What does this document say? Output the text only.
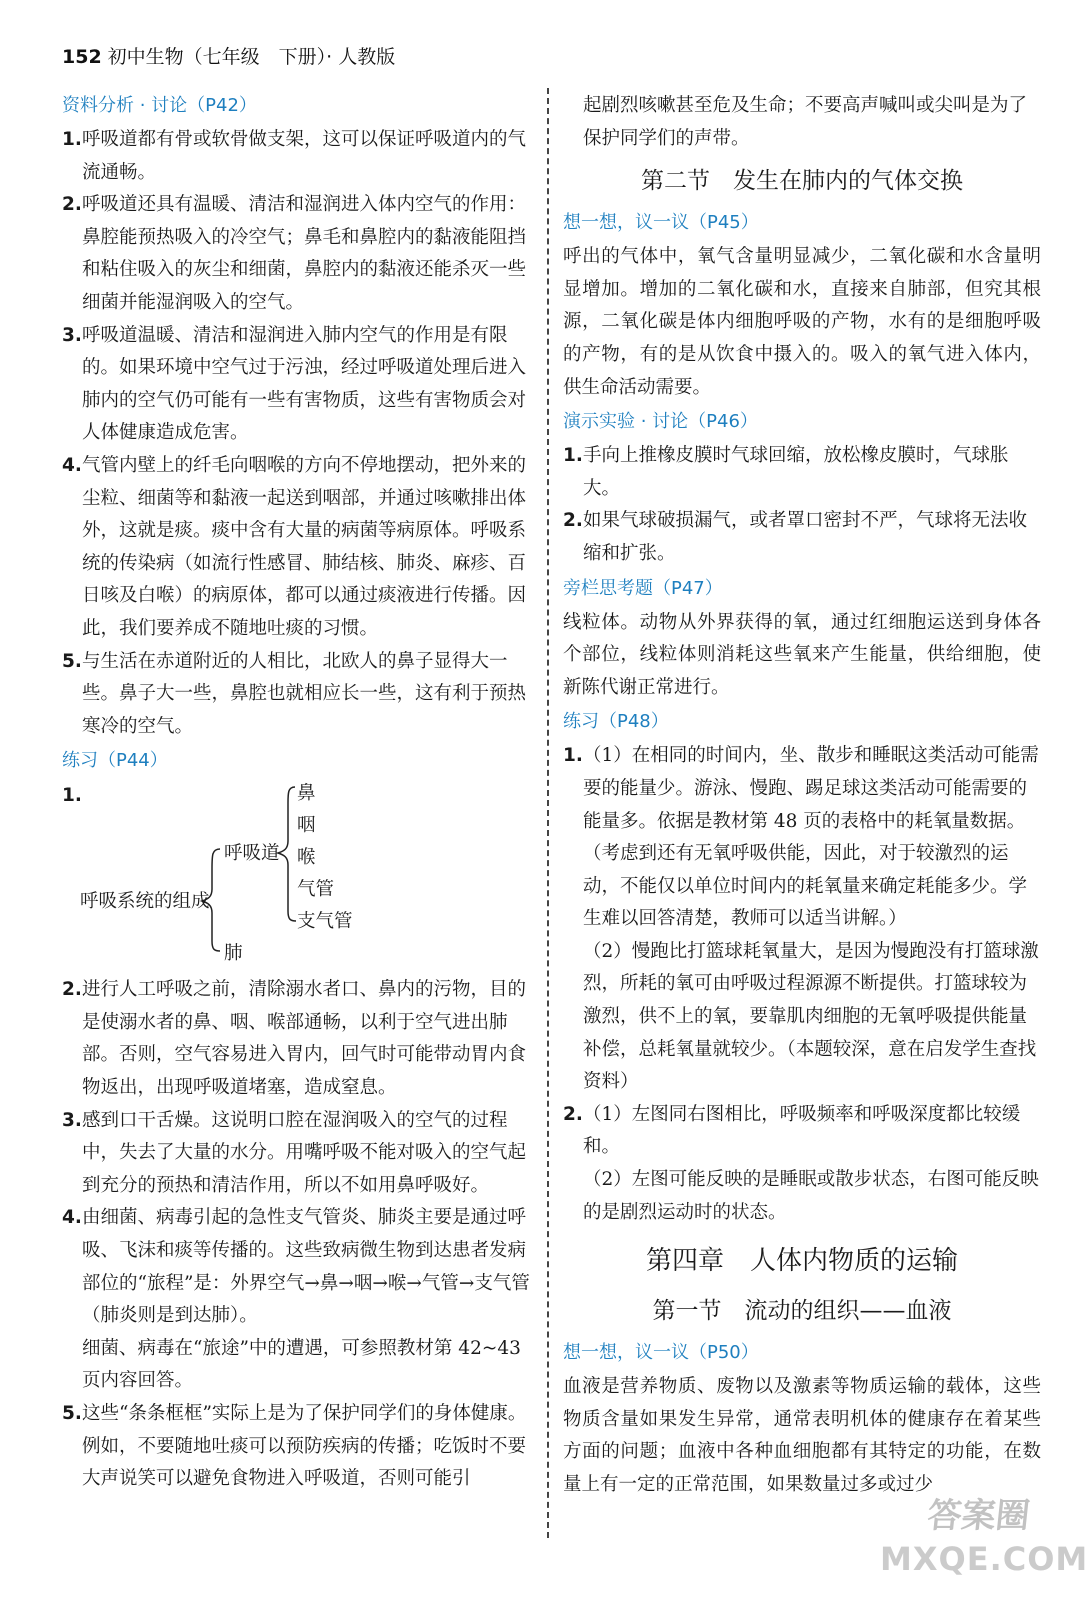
152 初中生物（七年级　下册）· 人教版
资料分析 · 讨论（P42）
1. 呼吸道都有骨或软骨做支架，这可以保证呼吸道内的气流通畅。
2. 呼吸道还具有温暖、清洁和湿润进入体内空气的作用：鼻腔能预热吸入的冷空气；鼻毛和鼻腔内的黏液能阻挡和粘住吸入的灰尘和细菌，鼻腔内的黏液还能杀灭一些细菌并能湿润吸入的空气。
3. 呼吸道温暖、清洁和湿润进入肺内空气的作用是有限的。如果环境中空气过于污浊，经过呼吸道处理后进入肺内的空气仍可能有一些有害物质，这些有害物质会对人体健康造成危害。
4. 气管内壁上的纤毛向咽喉的方向不停地摆动，把外来的尘粒、细菌等和黏液一起送到咽部，并通过咳嗽排出体外，这就是痰。痰中含有大量的病菌等病原体。呼吸系统的传染病（如流行性感冒、肺结核、肺炎、麻疹、百日咳及白喉）的病原体，都可以通过痰液进行传播。因此，我们要养成不随地吐痰的习惯。
5. 与生活在赤道附近的人相比，北欧人的鼻子显得大一些。鼻子大一些，鼻腔也就相应长一些，这有利于预热寒冷的空气。
练习（P44）
1.
呼吸系统的组成
呼吸道
肺
鼻
咽
喉
气管
支气管
2. 进行人工呼吸之前，清除溺水者口、鼻内的污物，目的是使溺水者的鼻、咽、喉部通畅，以利于空气进出肺部。否则，空气容易进入胃内，回气时可能带动胃内食物返出，出现呼吸道堵塞，造成窒息。
3. 感到口干舌燥。这说明口腔在湿润吸入的空气的过程中，失去了大量的水分。用嘴呼吸不能对吸入的空气起到充分的预热和清洁作用，所以不如用鼻呼吸好。
4. 由细菌、病毒引起的急性支气管炎、肺炎主要是通过呼吸、飞沫和痰等传播的。这些致病微生物到达患者发病部位的“旅程”是：外界空气→鼻→咽→喉→气管→支气管（肺炎则是到达肺）。
细菌、病毒在“旅途”中的遭遇，可参照教材第 42~43 页内容回答。
5. 这些“条条框框”实际上是为了保护同学们的身体健康。例如，不要随地吐痰可以预防疾病的传播；吃饭时不要大声说笑可以避免食物进入呼吸道，否则可能引
起剧烈咳嗽甚至危及生命；不要高声喊叫或尖叫是为了保护同学们的声带。
第二节　发生在肺内的气体交换
想一想，议一议（P45）
呼出的气体中，氧气含量明显减少，二氧化碳和水含量明显增加。增加的二氧化碳和水，直接来自肺部，但究其根源，二氧化碳是体内细胞呼吸的产物，水有的是细胞呼吸的产物，有的是从饮食中摄入的。吸入的氧气进入体内，供生命活动需要。
演示实验 · 讨论（P46）
1. 手向上推橡皮膜时气球回缩，放松橡皮膜时，气球胀大。
2. 如果气球破损漏气，或者罩口密封不严，气球将无法收缩和扩张。
旁栏思考题（P47）
线粒体。动物从外界获得的氧，通过红细胞运送到身体各个部位，线粒体则消耗这些氧来产生能量，供给细胞，使新陈代谢正常进行。
练习（P48）
1. （1）在相同的时间内，坐、散步和睡眠这类活动可能需要的能量少。游泳、慢跑、踢足球这类活动可能需要的能量多。依据是教材第 48 页的表格中的耗氧量数据。（考虑到还有无氧呼吸供能，因此，对于较激烈的运动，不能仅以单位时间内的耗氧量来确定耗能多少。学生难以回答清楚，教师可以适当讲解。）
（2）慢跑比打篮球耗氧量大，是因为慢跑没有打篮球激烈，所耗的氧可由呼吸过程源源不断提供。打篮球较为激烈，供不上的氧，要靠肌肉细胞的无氧呼吸提供能量补偿，总耗氧量就较少。（本题较深，意在启发学生查找资料）
2. （1）左图同右图相比，呼吸频率和呼吸深度都比较缓和。
（2）左图可能反映的是睡眠或散步状态，右图可能反映的是剧烈运动时的状态。
第四章　人体内物质的运输
第一节　流动的组织——血液
想一想，议一议（P50）
血液是营养物质、废物以及激素等物质运输的载体，这些物质含量如果发生异常，通常表明机体的健康存在着某些方面的问题；血液中各种血细胞都有其特定的功能，在数量上有一定的正常范围，如果数量过多或过少
答案圈
MXQE.COM
